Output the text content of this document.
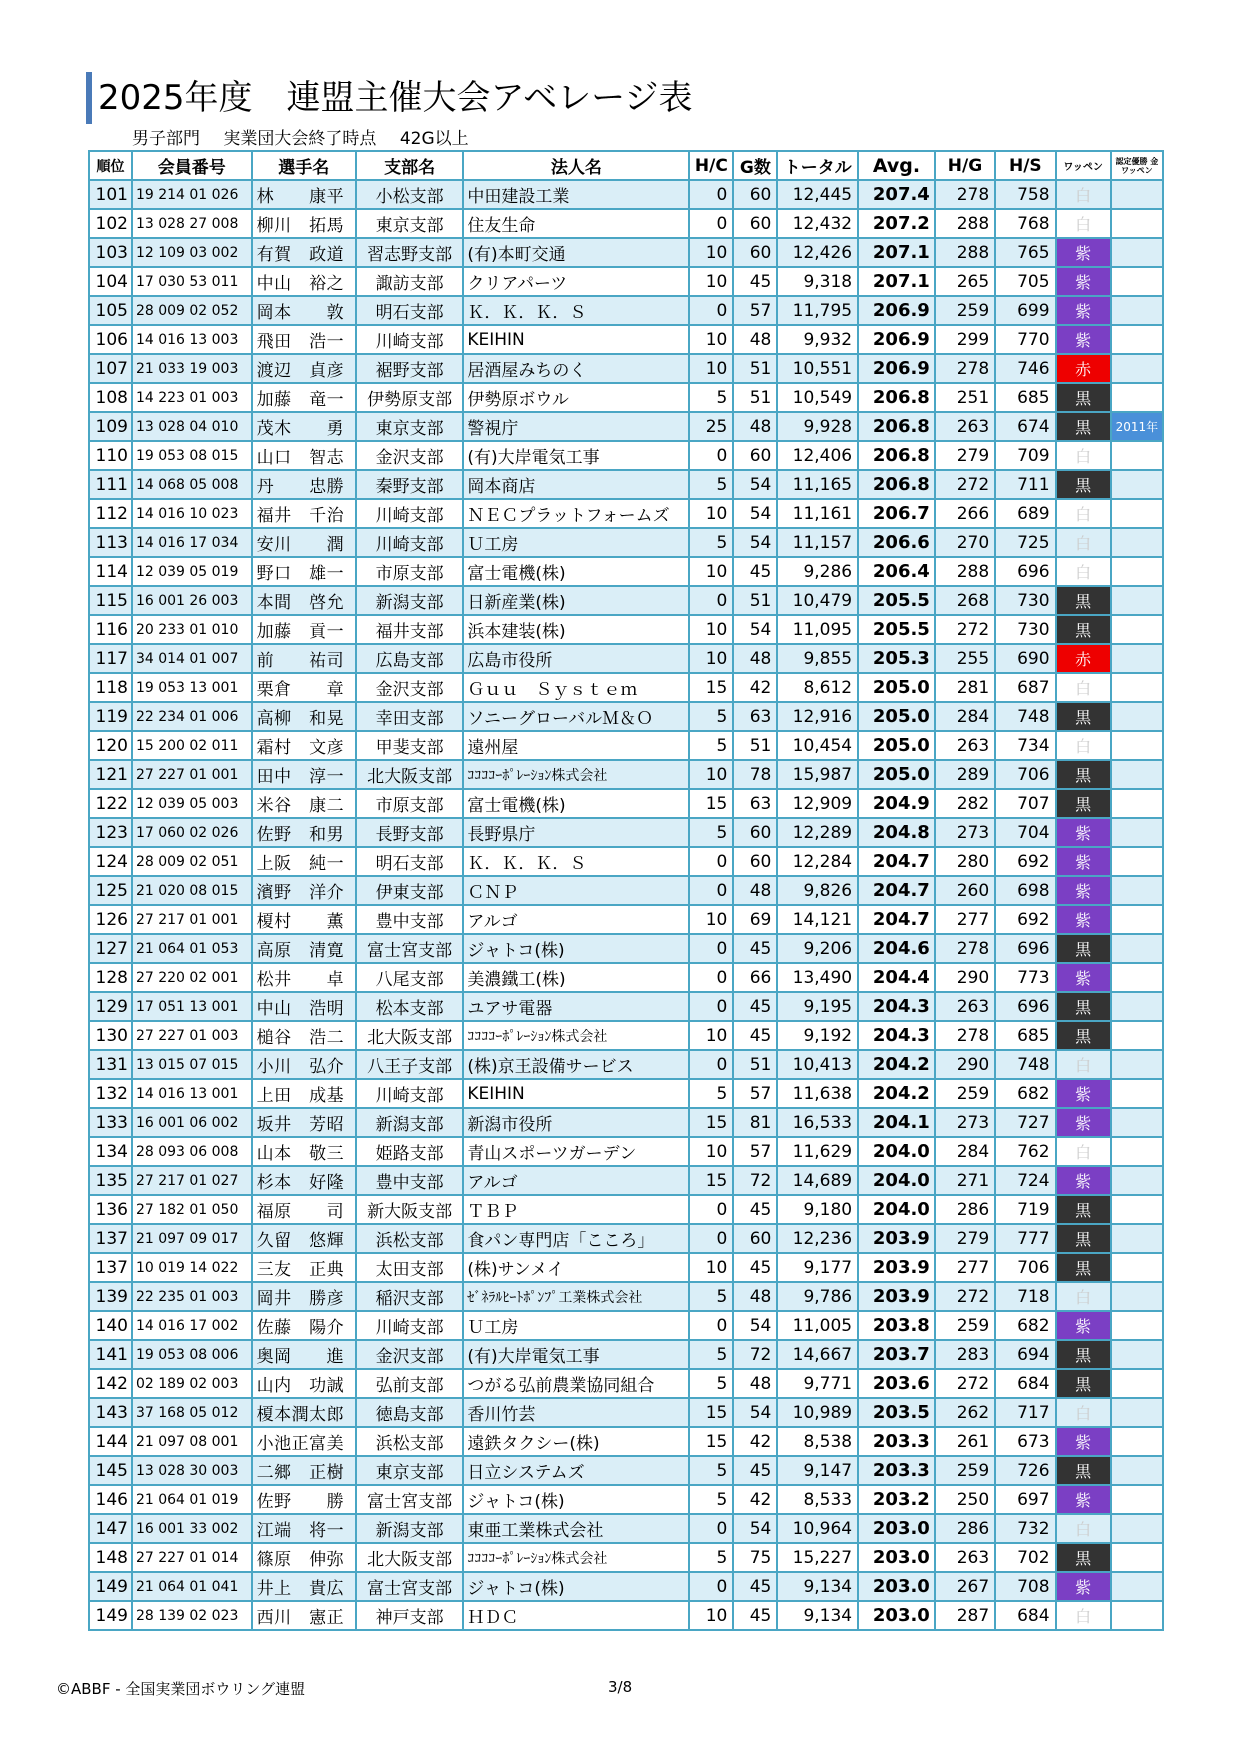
2025年度　連盟主催大会アベレージ表
男子部門 実業団大会終了時点 42G以上
順位	会員番号	選手名	支部名	法人名	H/C	G数	トータル	Avg.	H/G	H/S	ワッペン	認定優勝 金ワッペン
101	19 214 01 026	林　　康平	小松支部	中田建設工業	0	60	12,445	207.4	278	758	白	
102	13 028 27 008	柳川　拓馬	東京支部	住友生命	0	60	12,432	207.2	288	768	白	
103	12 109 03 002	有賀　政道	習志野支部	(有)本町交通	10	60	12,426	207.1	288	765	紫	
104	17 030 53 011	中山　裕之	諏訪支部	クリアパーツ	10	45	9,318	207.1	265	705	紫	
105	28 009 02 052	岡本　　敦	明石支部	Ｋ．Ｋ．Ｋ．Ｓ	0	57	11,795	206.9	259	699	紫	
106	14 016 13 003	飛田　浩一	川崎支部	KEIHIN	10	48	9,932	206.9	299	770	紫	
107	21 033 19 003	渡辺　貞彦	裾野支部	居酒屋みちのく	10	51	10,551	206.9	278	746	赤	
108	14 223 01 003	加藤　竜一	伊勢原支部	伊勢原ボウル	5	51	10,549	206.8	251	685	黒	
109	13 028 04 010	茂木　　勇	東京支部	警視庁	25	48	9,928	206.8	263	674	黒	2011年
110	19 053 08 015	山口　智志	金沢支部	(有)大岸電気工事	0	60	12,406	206.8	279	709	白	
111	14 068 05 008	丹　　忠勝	秦野支部	岡本商店	5	54	11,165	206.8	272	711	黒	
112	14 016 10 023	福井　千治	川崎支部	ＮＥＣプラットフォームズ	10	54	11,161	206.7	266	689	白	
113	14 016 17 034	安川　　潤	川崎支部	Ｕ工房	5	54	11,157	206.6	270	725	白	
114	12 039 05 019	野口　雄一	市原支部	富士電機(株)	10	45	9,286	206.4	288	696	白	
115	16 001 26 003	本間　啓允	新潟支部	日新産業(株)	0	51	10,479	205.5	268	730	黒	
116	20 233 01 010	加藤　貢一	福井支部	浜本建装(株)	10	54	11,095	205.5	272	730	黒	
117	34 014 01 007	前　　祐司	広島支部	広島市役所	10	48	9,855	205.3	255	690	赤	
118	19 053 13 001	栗倉　　章	金沢支部	Ｇｕｕ　Ｓｙｓｔｅｍ	15	42	8,612	205.0	281	687	白	
119	22 234 01 006	高柳　和晃	幸田支部	ソニーグローバルＭ＆Ｏ	5	63	12,916	205.0	284	748	黒	
120	15 200 02 011	霜村　文彦	甲斐支部	遠州屋	5	51	10,454	205.0	263	734	白	
121	27 227 01 001	田中　淳一	北大阪支部	ｺｺｺｺｰﾎﾟﾚｰｼｮﾝ株式会社	10	78	15,987	205.0	289	706	黒	
122	12 039 05 003	米谷　康二	市原支部	富士電機(株)	15	63	12,909	204.9	282	707	黒	
123	17 060 02 026	佐野　和男	長野支部	長野県庁	5	60	12,289	204.8	273	704	紫	
124	28 009 02 051	上阪　純一	明石支部	Ｋ．Ｋ．Ｋ．Ｓ	0	60	12,284	204.7	280	692	紫	
125	21 020 08 015	濱野　洋介	伊東支部	ＣＮＰ	0	48	9,826	204.7	260	698	紫	
126	27 217 01 001	榎村　　薫	豊中支部	アルゴ	10	69	14,121	204.7	277	692	紫	
127	21 064 01 053	高原　清寛	富士宮支部	ジャトコ(株)	0	45	9,206	204.6	278	696	黒	
128	27 220 02 001	松井　　卓	八尾支部	美濃鐵工(株)	0	66	13,490	204.4	290	773	紫	
129	17 051 13 001	中山　浩明	松本支部	ユアサ電器	0	45	9,195	204.3	263	696	黒	
130	27 227 01 003	槌谷　浩二	北大阪支部	ｺｺｺｺｰﾎﾟﾚｰｼｮﾝ株式会社	10	45	9,192	204.3	278	685	黒	
131	13 015 07 015	小川　弘介	八王子支部	(株)京王設備サービス	0	51	10,413	204.2	290	748	白	
132	14 016 13 001	上田　成基	川崎支部	KEIHIN	5	57	11,638	204.2	259	682	紫	
133	16 001 06 002	坂井　芳昭	新潟支部	新潟市役所	15	81	16,533	204.1	273	727	紫	
134	28 093 06 008	山本　敬三	姫路支部	青山スポーツガーデン	10	57	11,629	204.0	284	762	白	
135	27 217 01 027	杉本　好隆	豊中支部	アルゴ	15	72	14,689	204.0	271	724	紫	
136	27 182 01 050	福原　　司	新大阪支部	ＴＢＰ	0	45	9,180	204.0	286	719	黒	
137	21 097 09 017	久留　悠輝	浜松支部	食パン専門店「こころ」	0	60	12,236	203.9	279	777	黒	
137	10 019 14 022	三友　正典	太田支部	(株)サンメイ	10	45	9,177	203.9	277	706	黒	
139	22 235 01 003	岡井　勝彦	稲沢支部	ｾﾞﾈﾗﾙﾋｰﾄﾎﾟﾝﾌﾟ工業株式会社	5	48	9,786	203.9	272	718	白	
140	14 016 17 002	佐藤　陽介	川崎支部	Ｕ工房	0	54	11,005	203.8	259	682	紫	
141	19 053 08 006	奥岡　　進	金沢支部	(有)大岸電気工事	5	72	14,667	203.7	283	694	黒	
142	02 189 02 003	山内　功誠	弘前支部	つがる弘前農業協同組合	5	48	9,771	203.6	272	684	黒	
143	37 168 05 012	榎本潤太郎	徳島支部	香川竹芸	15	54	10,989	203.5	262	717	白	
144	21 097 08 001	小池正富美	浜松支部	遠鉄タクシー(株)	15	42	8,538	203.3	261	673	紫	
145	13 028 30 003	二郷　正樹	東京支部	日立システムズ	5	45	9,147	203.3	259	726	黒	
146	21 064 01 019	佐野　　勝	富士宮支部	ジャトコ(株)	5	42	8,533	203.2	250	697	紫	
147	16 001 33 002	江端　将一	新潟支部	東亜工業株式会社	0	54	10,964	203.0	286	732	白	
148	27 227 01 014	篠原　伸弥	北大阪支部	ｺｺｺｺｰﾎﾟﾚｰｼｮﾝ株式会社	5	75	15,227	203.0	263	702	黒	
149	21 064 01 041	井上　貴広	富士宮支部	ジャトコ(株)	0	45	9,134	203.0	267	708	紫	
149	28 139 02 023	西川　憲正	神戸支部	ＨＤＣ	10	45	9,134	203.0	287	684	白	
©ABBF - 全国実業団ボウリング連盟	3/8
